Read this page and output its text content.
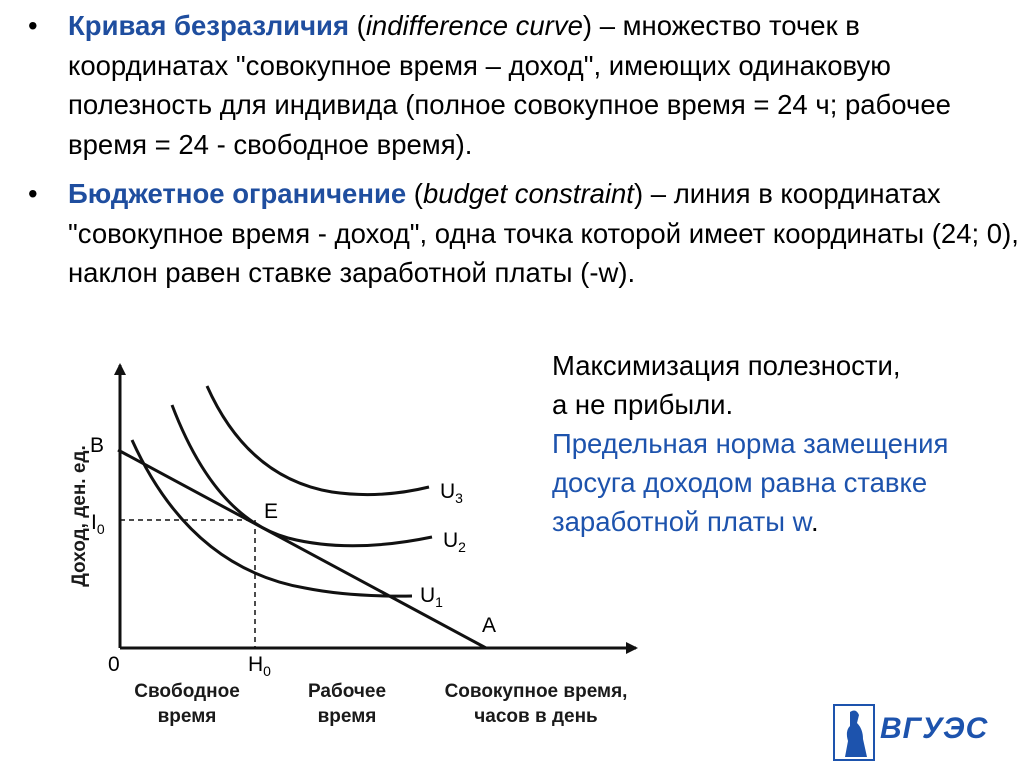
• Кривая безразличия (indifference curve) – множество точек в координатах "совокупное время – доход", имеющих одинаковую полезность для индивида (полное совокупное время = 24 ч; рабочее время = 24 - свободное время).
• Бюджетное ограничение (budget constraint) – линия в координатах "совокупное время - доход", одна точка которой имеет координаты (24; 0), наклон равен ставке заработной платы (-w).
Максимизация полезности,
а не прибыли.
Предельная норма замещения досуга доходом равна ставке заработной платы w.
B
E
A
$I_0$
0	$H_0$
$U_3$
$U_2$
$U_1$
Доход, ден. ед.
Свободное
время
Рабочее
время
Совокупное время,
часов в день	ВГУЭС
